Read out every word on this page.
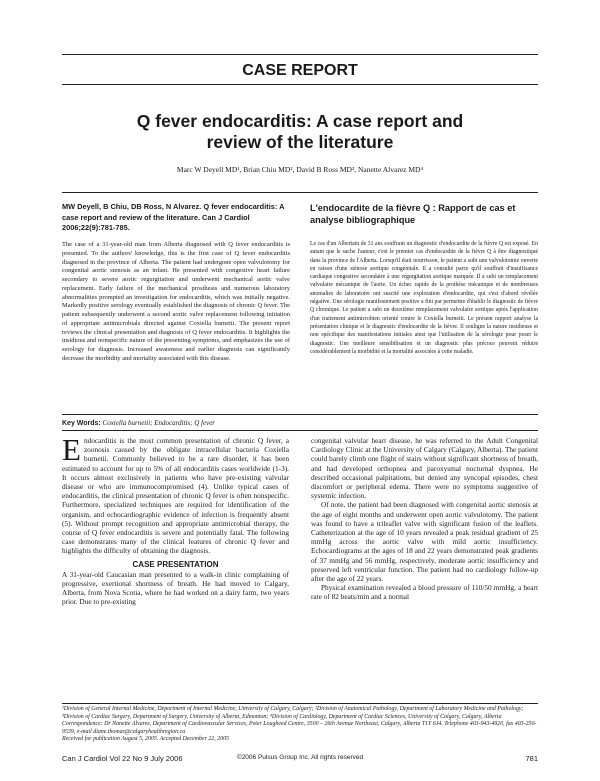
CASE REPORT
Q fever endocarditis: A case report and
review of the literature
Marc W Deyell MD¹, Brian Chiu MD², David B Ross MD³, Nanette Alvarez MD⁴
MW Deyell, B Chiu, DB Ross, N Alvarez. Q fever endocarditis: A case report and review of the literature. Can J Cardiol 2006;22(9):781-785.
The case of a 31-year-old man from Alberta diagnosed with Q fever endocarditis is presented. To the authors' knowledge, this is the first case of Q fever endocarditis diagnosed in the province of Alberta. The patient had undergone open valvulotomy for congenital aortic stenosis as an infant. He presented with congestive heart failure secondary to severe aortic regurgitation and underwent mechanical aortic valve replacement. Early failure of the mechanical prosthesis and numerous laboratory abnormalities prompted an investigation for endocarditis, which was initially negative. Markedly positive serology eventually established the diagnosis of chronic Q fever. The patient subsequently underwent a second aortic valve replacement following initiation of appropriate antimicrobials directed against Coxiella burnetii. The present report reviews the clinical presentation and diagnosis of Q fever endocarditis. It highlights the insidious and nonspecific nature of the presenting symptoms, and emphasizes the use of serology for diagnosis. Increased awareness and earlier diagnosis can significantly decrease the morbidity and mortality associated with this disease.
L'endocardite de la fièvre Q : Rapport de cas et analyse bibliographique
Le cas d'un Albertain de 31 ans souffrant un diagnostic d'endocardite de la fièvre Q est exposé. En autant que le sache l'auteur, c'est le premier cas d'endocardite de la fièvre Q à être diagnostiqué dans la province de l'Alberta. Lorsqu'il était nourrisson, le patient a subi une valvulotomie ouverte en raison d'une sténose aortique congénitale. Il a consulté parce qu'il souffrait d'insuffisance cardiaque congestive secondaire à une régurgitation aortique marquée. Il a subi un remplacement valvulaire mécanique de l'aorte. Un échec rapide de la prothèse mécanique et de nombreuses anomalies de laboratoire ont suscité une exploration d'endocardite, qui s'est d'abord révélée négative. Une sérologie manifestement positive a fini par permettre d'établir le diagnostic de fièvre Q chronique. Le patient a subi un deuxième remplacement valvulaire aortique après l'application d'un traitement antimicrobien orienté contre le Coxiella burnetii. Le présent rapport analyse la présentation clinique et le diagnostic d'endocardite de la fièvre. Il souligne la nature insidieuse et non spécifique des manifestations initiales ainsi que l'utilisation de la sérologie pour poser le diagnostic. Une meilleure sensibilisation et un diagnostic plus précoce peuvent réduire considérablement la morbidité et la mortalité associées à cette maladie.
Key Words: Coxiella burnetii; Endocarditis; Q fever

Endocarditis is the most common presentation of chronic Q fever, a zoonosis caused by the obligate intracellular bacteria Coxiella burnetii. Commonly believed to be a rare disorder, it has been estimated to account for up to 5% of all endocarditis cases worldwide (1-3). It occurs almost exclusively in patients who have pre-existing valvular disease or who are immunocompromised (4). Unlike typical cases of endocarditis, the clinical presentation of chronic Q fever is often nonspecific. Furthermore, specialized techniques are required for identification of the organism, and echocardiographic evidence of infection is frequently absent (5). Without prompt recognition and appropriate antimicrobial therapy, the course of Q fever endocarditis is severe and potentially fatal. The following case demonstrates many of the clinical features of chronic Q fever and highlights the difficulty of obtaining the diagnosis.

CASE PRESENTATION

A 31-year-old Caucasian man presented to a walk-in clinic complaining of progressive, exertional shortness of breath. He had moved to Calgary, Alberta, from Nova Scotia, where he had worked on a dairy farm, two years prior. Due to pre-existing

congenital valvular heart disease, he was referred to the Adult Congenital Cardiology Clinic at the University of Calgary (Calgary, Alberta). The patient could barely climb one flight of stairs without significant shortness of breath, and had developed orthopnea and paroxysmal nocturnal dyspnea. He described occasional palpitations, but denied any syncopal episodes, chest discomfort or peripheral edema. There were no symptoms suggestive of systemic infection.

Of note, the patient had been diagnosed with congenital aortic stenosis at the age of eight months and underwent open aortic valvulotomy. The patient was found to have a trileaflet valve with significant fusion of the leaflets. Catheterization at the age of 10 years revealed a peak residual gradient of 25 mmHg across the aortic valve with mild aortic insufficiency. Echocardiograms at the ages of 18 and 22 years demonstrated peak gradients of 37 mmHg and 56 mmHg, respectively, moderate aortic insufficiency and preserved left ventricular function. The patient had no cardiology follow-up after the age of 22 years.

Physical examination revealed a blood pressure of 110/50 mmHg, a heart rate of 82 beats/min and a normal

¹Division of General Internal Medicine, Department of Internal Medicine, University of Calgary, Calgary; ²Division of Anatomical Pathology, Department of Laboratory Medicine and Pathology; ³Division of Cardiac Surgery, Department of Surgery, University of Alberta, Edmonton; ⁴Division of Cardiology, Department of Cardiac Sciences, University of Calgary, Calgary, Alberta
Correspondence: Dr Nanette Alvarez, Department of Cardiovascular Services, Peter Lougheed Centre, 3500 – 26th Avenue Northeast, Calgary, Alberta T1Y 6J4. Telephone 403-943-4920, fax 403-250-9539, e-mail diane.thomas@calgaryhealthregion.ca
Received for publication August 5, 2005. Accepted December 22, 2005
Can J Cardiol Vol 22 No 9 July 2006	©2006 Pulsus Group Inc. All rights reserved	781
